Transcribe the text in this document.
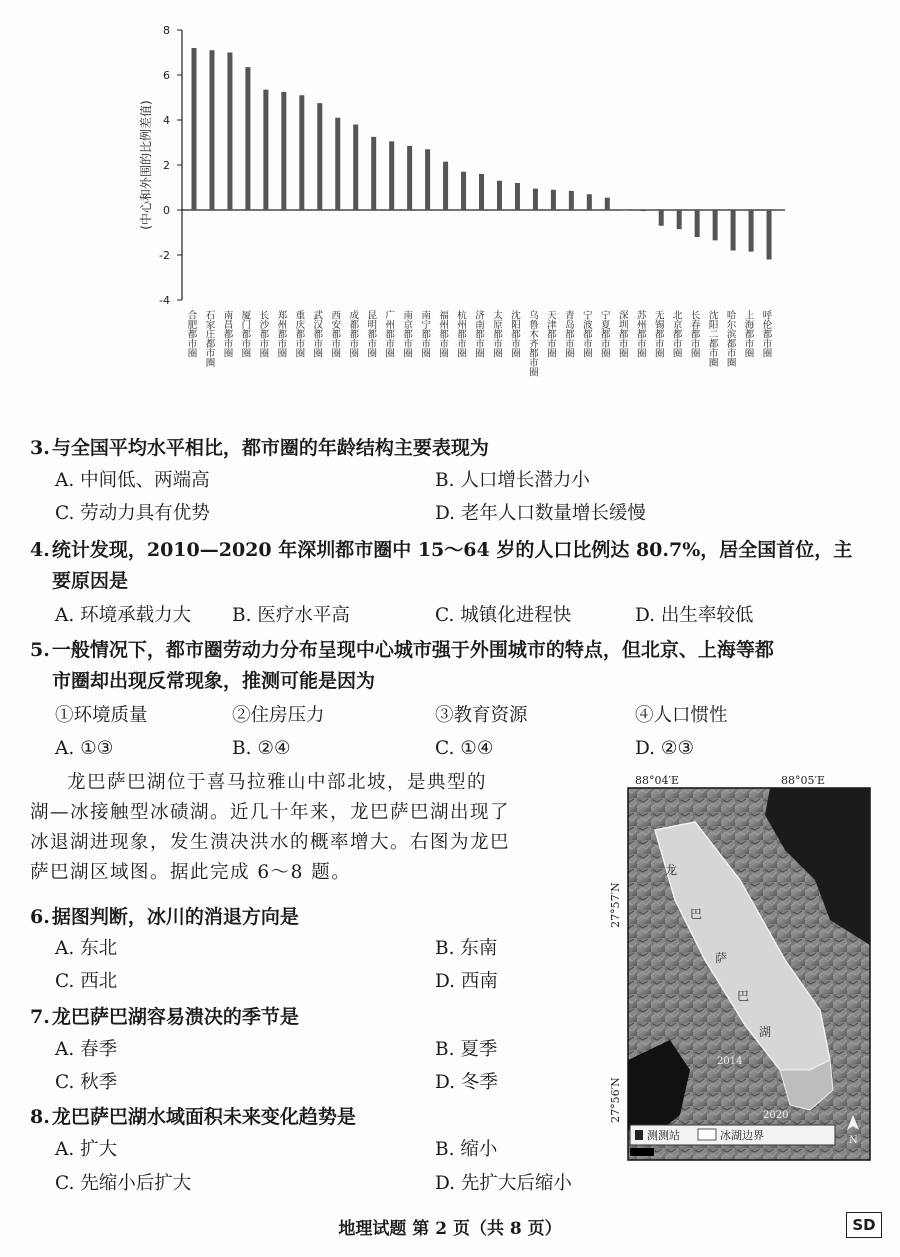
8
6
4
2
0
-2
-4
(中心和外围的比例差值)
合肥都市圈 石家庄都市圈 南昌都市圈 厦门都市圈 长沙都市圈 郑州都市圈 重庆都市圈 武汉都市圈 西安都市圈 成都都市圈 昆明都市圈 广州都市圈 南京都市圈 南宁都市圈 福州都市圈 杭州都市圈 济南都市圈 太原都市圈 沈阳都市圈 乌鲁木齐都市圈 天津都市圈 青岛都市圈 宁波都市圈 宁夏都市圈 深圳都市圈 苏州都市圈 无锡都市圈 北京都市圈 长春都市圈 沈阳二都市圈 哈尔滨都市圈 上海都市圈 呼伦都市圈
3. 与全国平均水平相比，都市圈的年龄结构主要表现为
A. 中间低、两端高	B. 人口增长潜力小
C. 劳动力具有优势	D. 老年人口数量增长缓慢
4. 统计发现，2010—2020 年深圳都市圈中 15～64 岁的人口比例达 80.7%，居全国首位，主
要原因是
A. 环境承载力大 B. 医疗水平高	C. 城镇化进程快	D. 出生率较低
5. 一般情况下，都市圈劳动力分布呈现中心城市强于外围城市的特点，但北京、上海等都
市圈却出现反常现象，推测可能是因为
①环境质量	②住房压力	③教育资源	④人口惯性
A. ①③	B. ②④	C. ①④	D. ②③

龙巴萨巴湖位于喜马拉雅山中部北坡，是典型的

湖—冰接触型冰碛湖。近几十年来，龙巴萨巴湖出现了
冰退湖进现象，发生溃决洪水的概率增大。右图为龙巴
萨巴湖区域图。据此完成 6～8 题。
6. 据图判断，冰川的消退方向是
A. 东北	B. 东南
C. 西北	D. 西南
7. 龙巴萨巴湖容易溃决的季节是
A. 春季	B. 夏季
C. 秋季	D. 冬季
8. 龙巴萨巴湖水域面积未来变化趋势是
A. 扩大	B. 缩小
C. 先缩小后扩大	D. 先扩大后缩小
88°04′E	88°05′E
龙
巴
萨
巴
湖
2014
2020
27°57′N
27°56′N
N
测测站	冰湖边界
地理试题 第 2 页（共 8 页）	SD
